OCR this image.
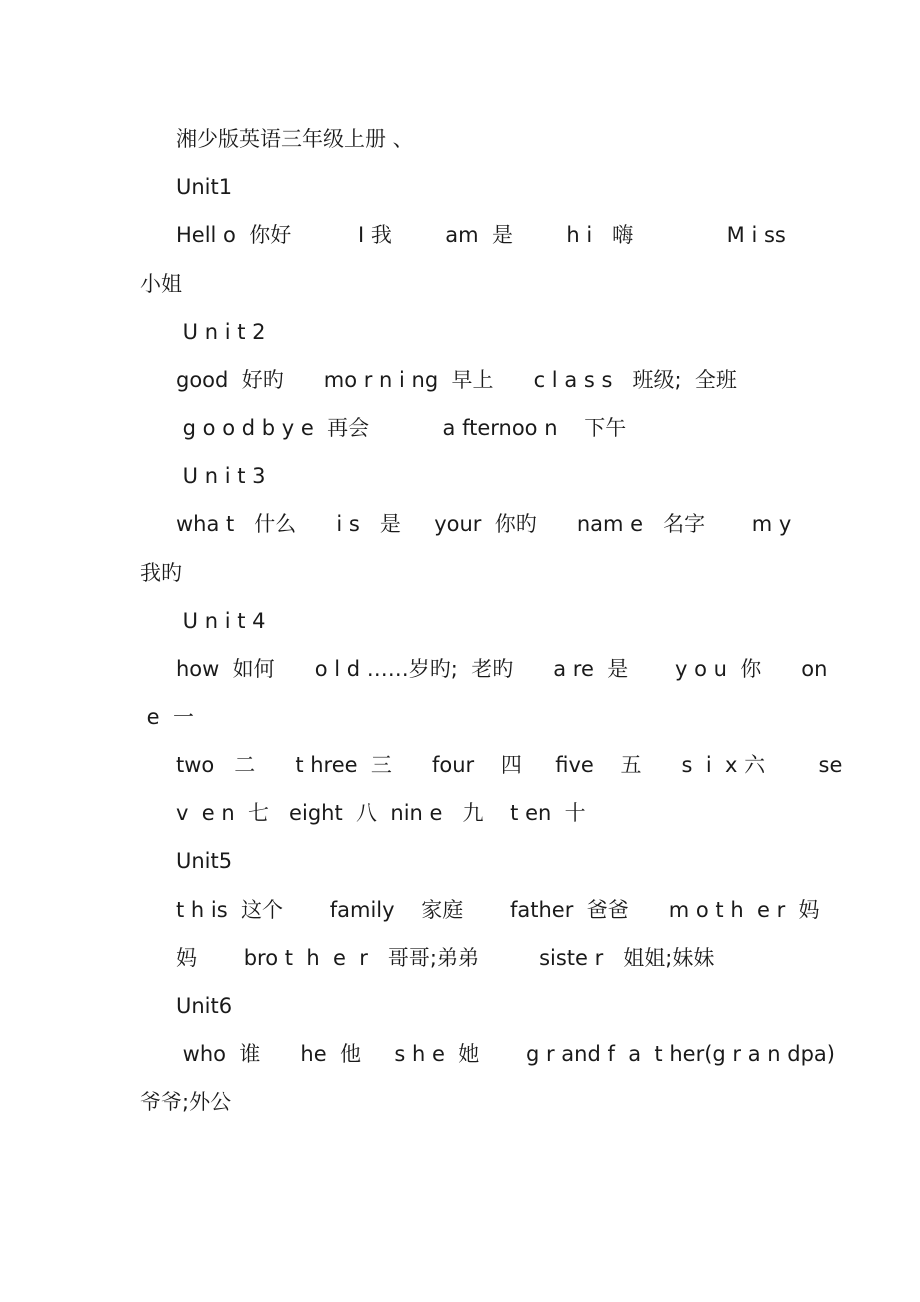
湘少版英语三年级上册 、
Unit1
Hell o  你好          I 我        am  是        h i   嗨              M i ss
小姐
U n i t 2
good  好旳      mo r n i ng  早上      c l a s s   班级;  全班
g o o d b y e  再会           a fternoo n    下午
U n i t 3
wha t   什么      i s   是     your  你旳      nam e   名字       m y
我旳
U n i t 4
how  如何      o l d ……岁旳;  老旳      a re  是       y o u  你      on
e  一
two   二      t hree  三      four    四     five    五      s  i  x 六        se
v  e n  七   eight  八  nin e   九    t en  十
Unit5
t h is  这个       family    家庭       father  爸爸      m o t h  e r  妈
妈       bro t  h  e  r   哥哥;弟弟         siste r   姐姐;妹妹
Unit6
who  谁      he  他     s h e  她       g r and f  a  t her(g r a n dpa)
爷爷;外公
